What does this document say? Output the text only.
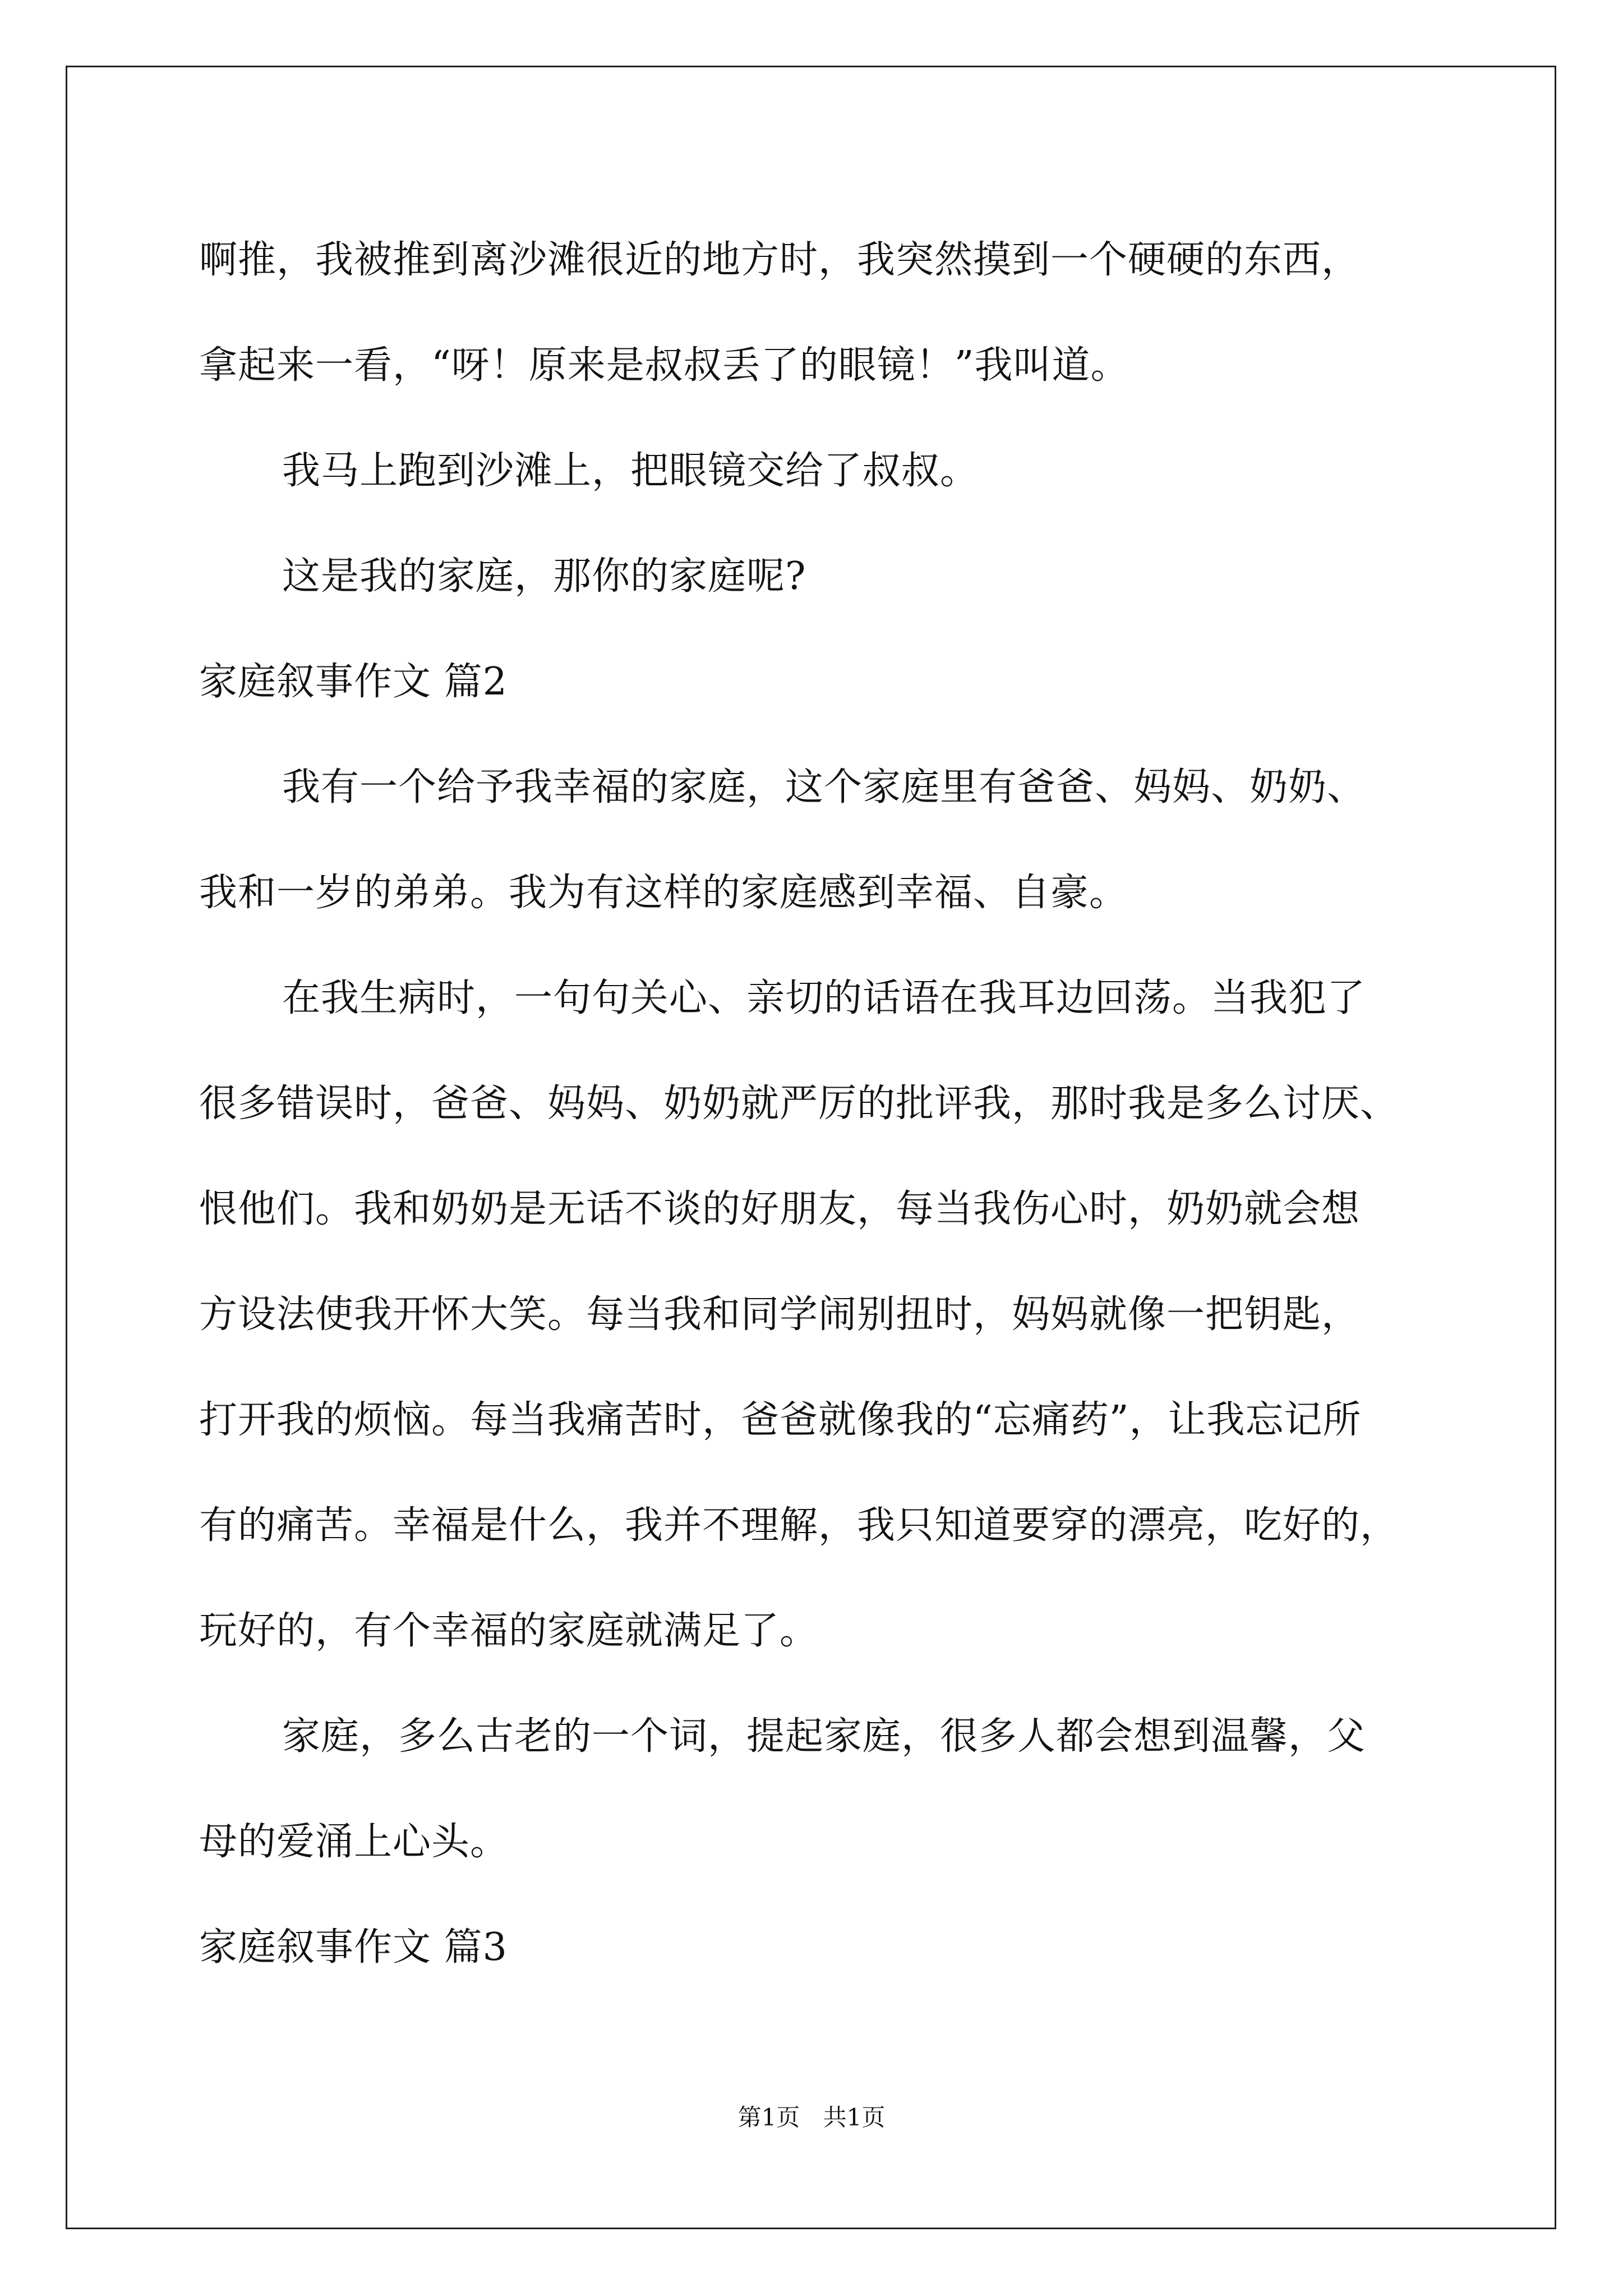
啊推，我被推到离沙滩很近的地方时，我突然摸到一个硬硬的东西，
拿起来一看，“呀！原来是叔叔丢了的眼镜！”我叫道。
我马上跑到沙滩上，把眼镜交给了叔叔。
这是我的家庭，那你的家庭呢?
家庭叙事作文 篇2
我有一个给予我幸福的家庭，这个家庭里有爸爸、妈妈、奶奶、
我和一岁的弟弟。我为有这样的家庭感到幸福、自豪。
在我生病时，一句句关心、亲切的话语在我耳边回荡。当我犯了
很多错误时，爸爸、妈妈、奶奶就严厉的批评我，那时我是多么讨厌、
恨他们。我和奶奶是无话不谈的好朋友，每当我伤心时，奶奶就会想
方设法使我开怀大笑。每当我和同学闹别扭时，妈妈就像一把钥匙，
打开我的烦恼。每当我痛苦时，爸爸就像我的“忘痛药”，让我忘记所
有的痛苦。幸福是什么，我并不理解，我只知道要穿的漂亮，吃好的，
玩好的，有个幸福的家庭就满足了。
家庭，多么古老的一个词，提起家庭，很多人都会想到温馨，父
母的爱涌上心头。
家庭叙事作文 篇3
第1页 共1页
